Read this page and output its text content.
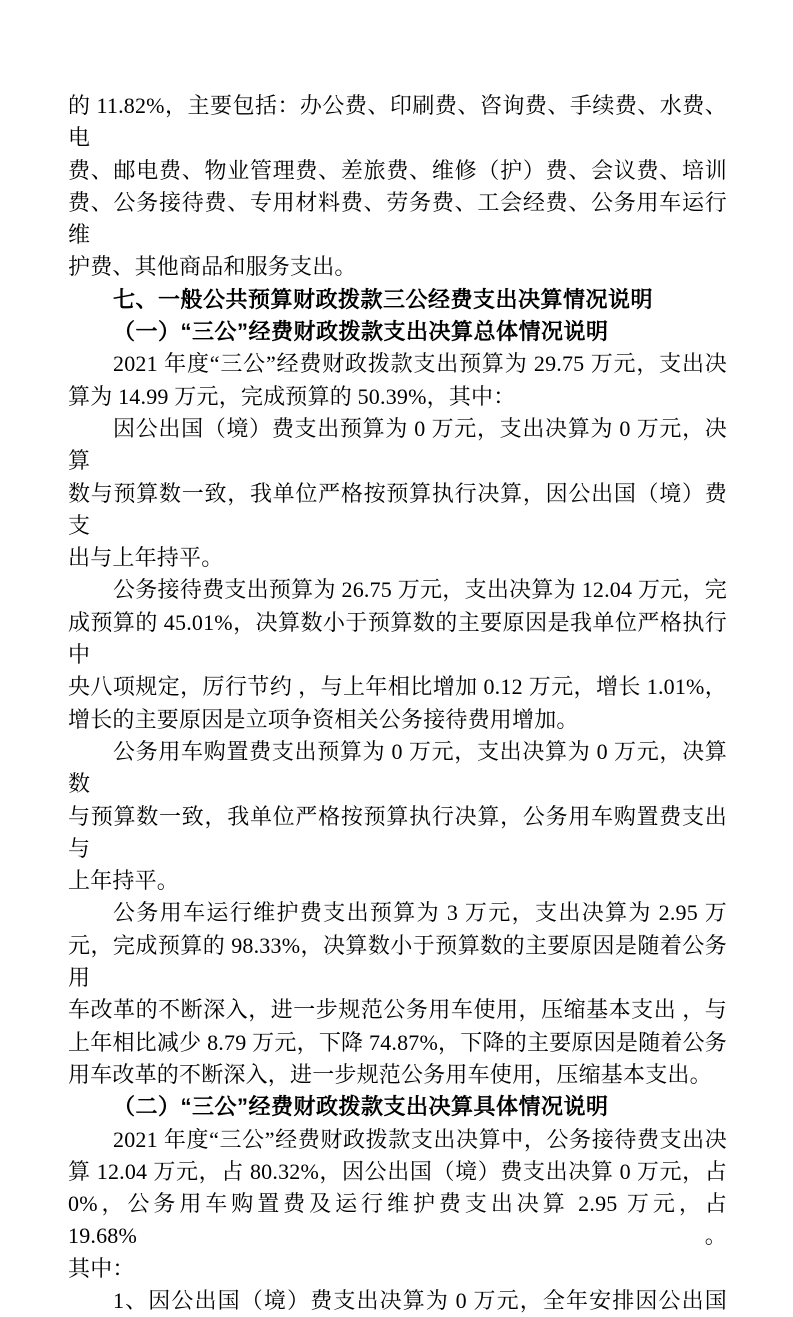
的 11.82%，主要包括：办公费、印刷费、咨询费、手续费、水费、电

费、邮电费、物业管理费、差旅费、维修（护）费、会议费、培训

费、公务接待费、专用材料费、劳务费、工会经费、公务用车运行维

护费、其他商品和服务支出。

七、一般公共预算财政拨款三公经费支出决算情况说明

（一）“三公”经费财政拨款支出决算总体情况说明

2021 年度“三公”经费财政拨款支出预算为 29.75 万元，支出决

算为 14.99 万元，完成预算的 50.39%，其中：

因公出国（境）费支出预算为 0 万元，支出决算为 0 万元，决算

数与预算数一致，我单位严格按预算执行决算，因公出国（境）费支

出与上年持平。

公务接待费支出预算为 26.75 万元，支出决算为 12.04 万元，完

成预算的 45.01%，决算数小于预算数的主要原因是我单位严格执行中

央八项规定，厉行节约 ，与上年相比增加 0.12 万元，增长 1.01%，

增长的主要原因是立项争资相关公务接待费用增加。

公务用车购置费支出预算为 0 万元，支出决算为 0 万元，决算数

与预算数一致，我单位严格按预算执行决算，公务用车购置费支出与

上年持平。

公务用车运行维护费支出预算为 3 万元，支出决算为 2.95 万

元，完成预算的 98.33%，决算数小于预算数的主要原因是随着公务用

车改革的不断深入，进一步规范公务用车使用，压缩基本支出 ，与

上年相比减少 8.79 万元，下降 74.87%，下降的主要原因是随着公务

用车改革的不断深入，进一步规范公务用车使用，压缩基本支出。

（二）“三公”经费财政拨款支出决算具体情况说明

2021 年度“三公”经费财政拨款支出决算中，公务接待费支出决

算 12.04 万元，占 80.32%，因公出国（境）费支出决算 0 万元，占

0%，公务用车购置费及运行维护费支出决算 2.95 万元，占 19.68%。

其中：

1、因公出国（境）费支出决算为 0 万元，全年安排因公出国
